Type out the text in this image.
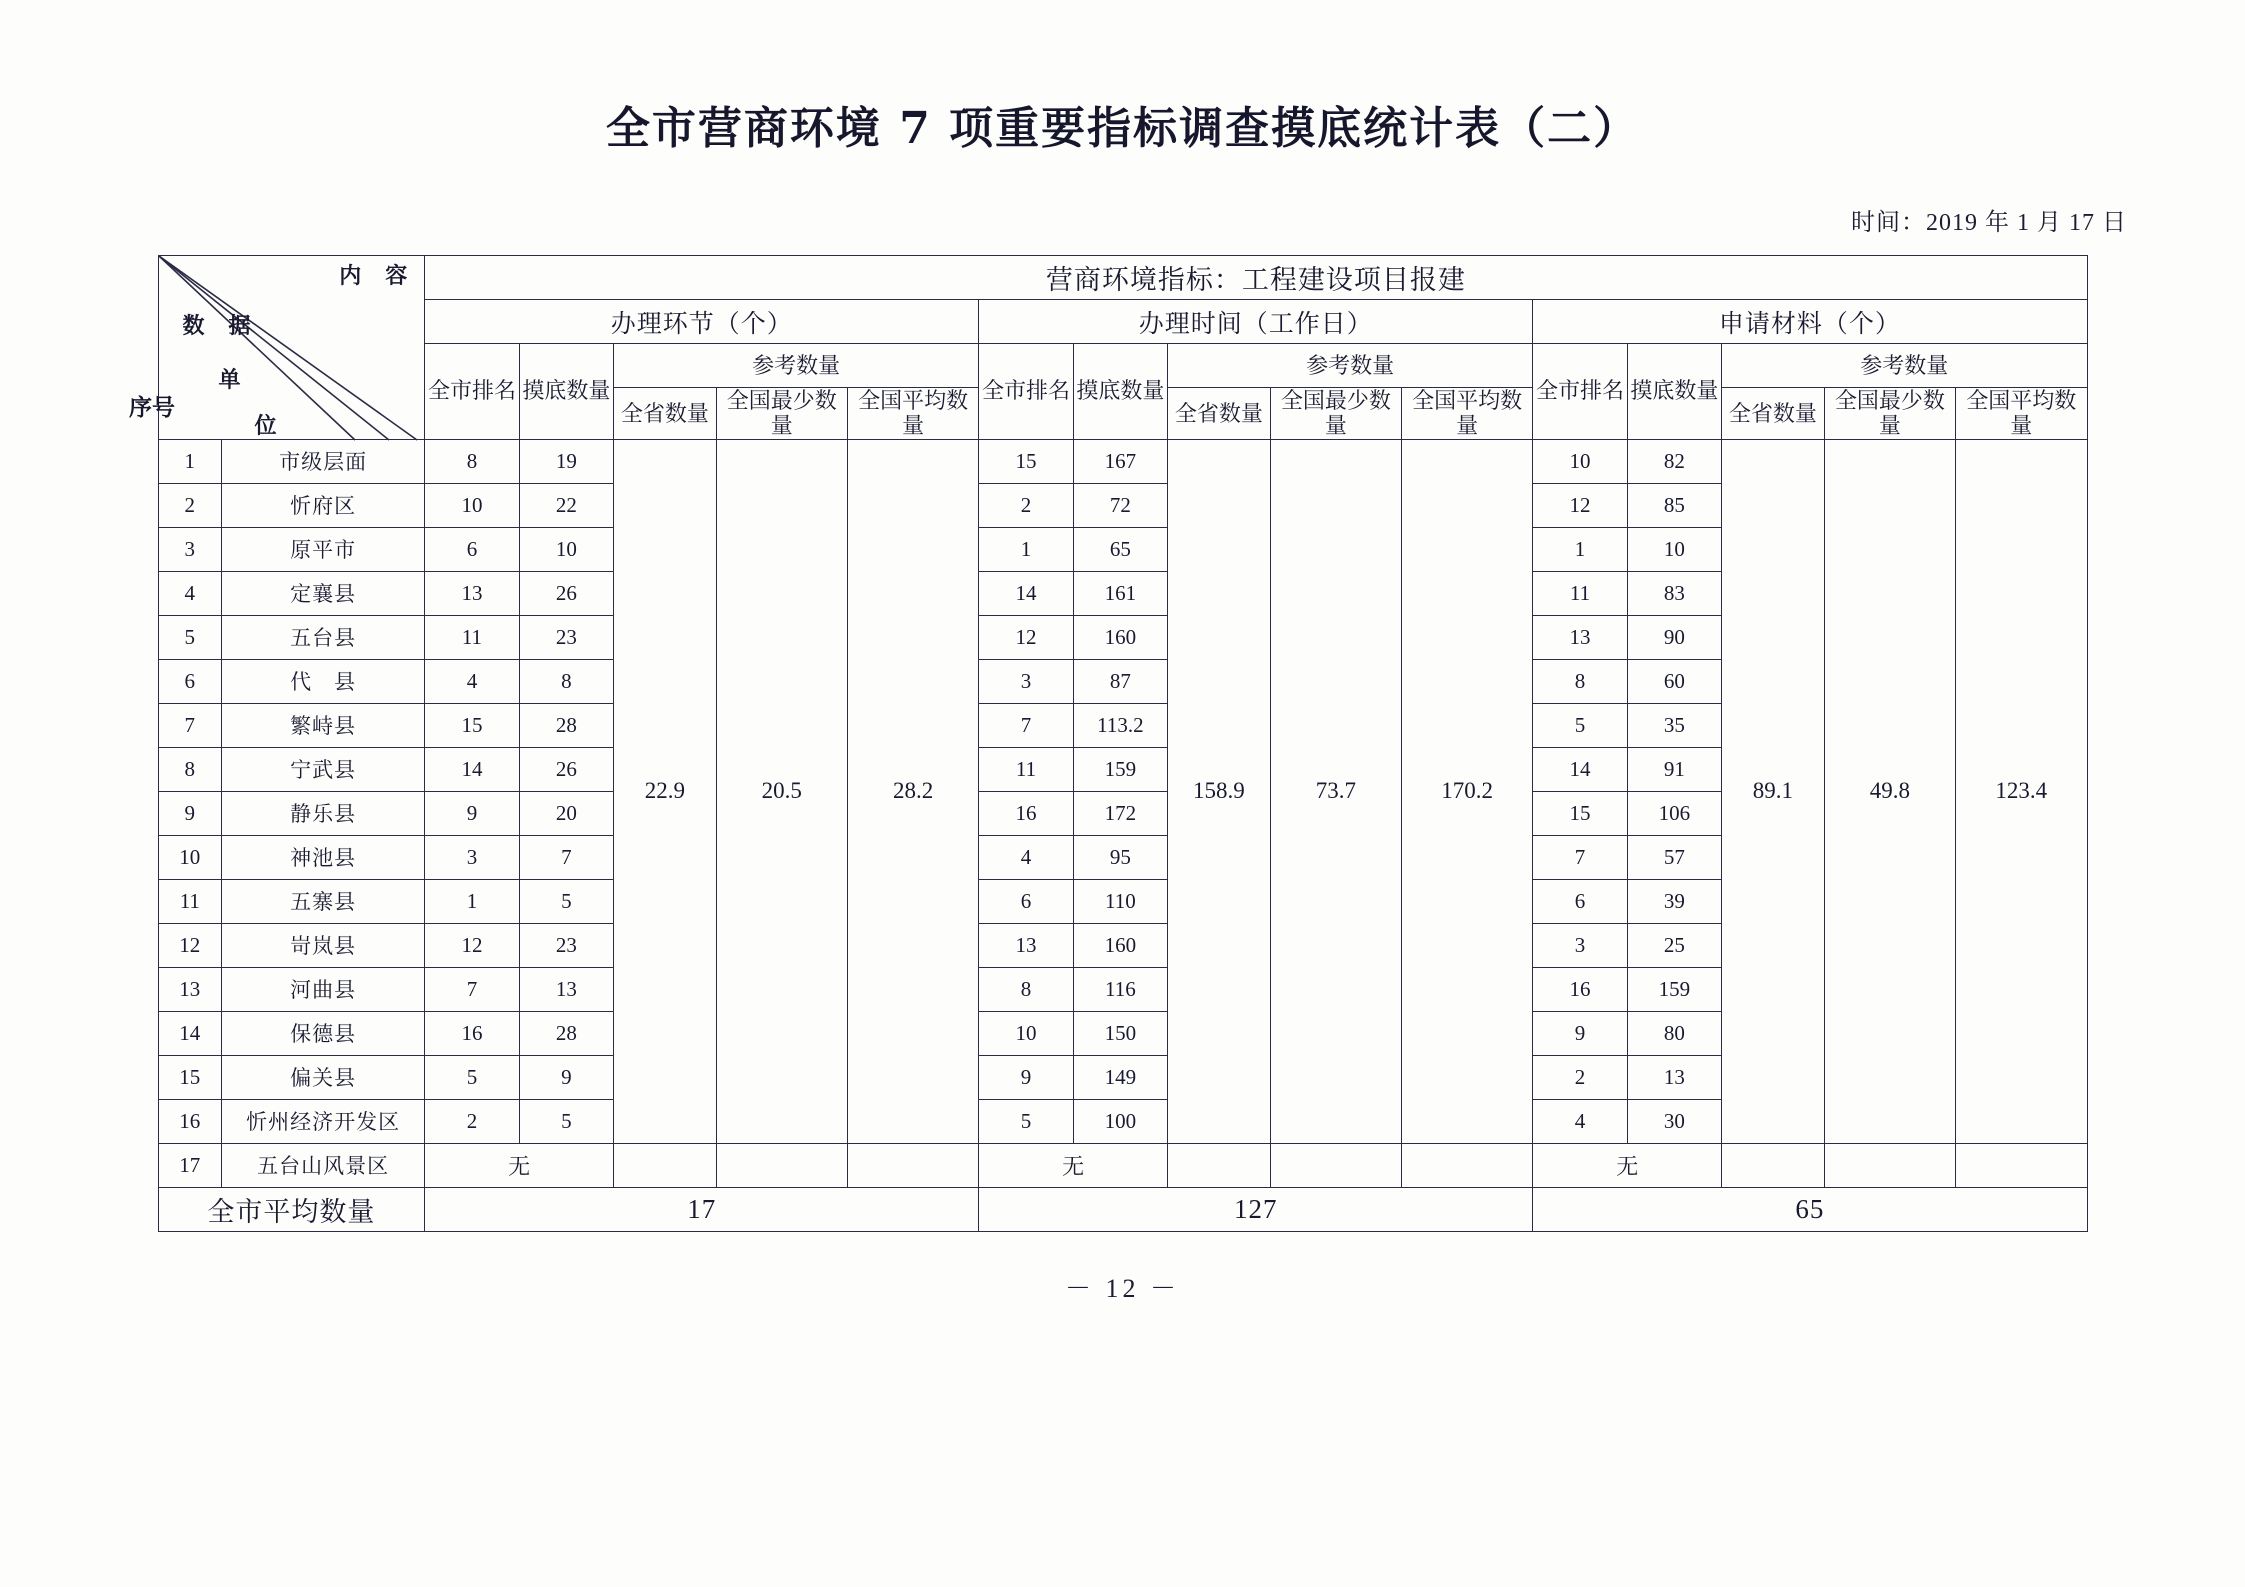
全市营商环境 7 项重要指标调查摸底统计表（二）
时间：2019 年 1 月 17 日
内　容
数　据
单
位		营商环境指标：工程建设项目报建														
		办理环节（个）					办理时间（工作日）					申请材料（个）				
		全市排名	摸底数量	参考数量			全市排名	摸底数量	参考数量			全市排名	摸底数量	参考数量		
				全省数量	全国最少数　量	全国平均数　量			全省数量	全国最少数　量	全国平均数　量			全省数量	全国最少数　量	全国平均数　量
1	市级层面	8	19	22.9	20.5	28.2	15	167	158.9	73.7	170.2	10	82	89.1	49.8	123.4
2	忻府区	10	22				2	72				12	85			
3	原平市	6	10				1	65				1	10			
4	定襄县	13	26				14	161				11	83			
5	五台县	11	23				12	160				13	90			
6	代　县	4	8				3	87				8	60			
7	繁峙县	15	28				7	113.2				5	35			
8	宁武县	14	26				11	159				14	91			
9	静乐县	9	20				16	172				15	106			
10	神池县	3	7				4	95				7	57			
11	五寨县	1	5				6	110				6	39			
12	岢岚县	12	23				13	160				3	25			
13	河曲县	7	13				8	116				16	159			
14	保德县	16	28				10	150				9	80			
15	偏关县	5	9				9	149				2	13			
16	忻州经济开发区	2	5				5	100				4	30			
17	五台山风景区	无					无					无				
全市平均数量		17					127					65				
－ 12 －
序号
